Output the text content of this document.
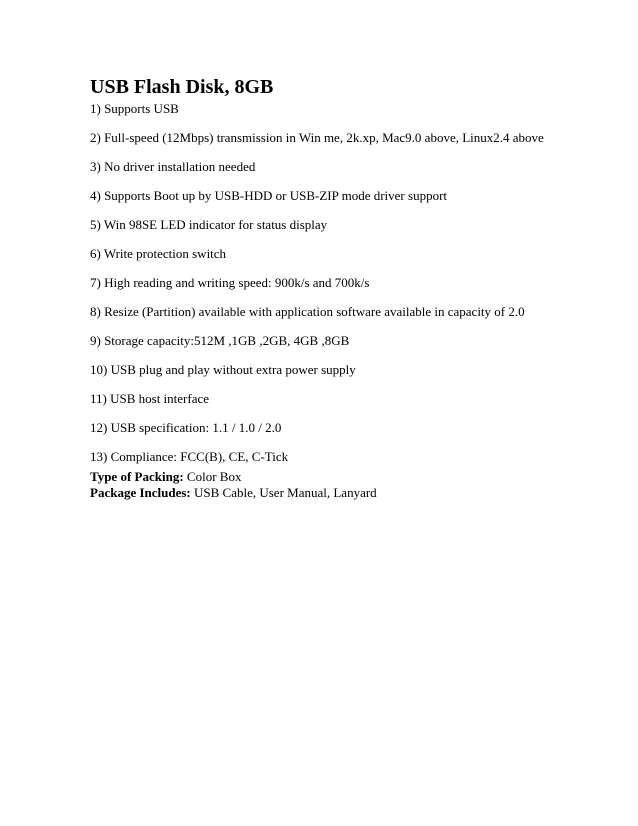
USB Flash Disk, 8GB
1) Supports USB
2) Full-speed (12Mbps) transmission in Win me, 2k.xp, Mac9.0 above, Linux2.4 above
3) No driver installation needed
4) Supports Boot up by USB-HDD or USB-ZIP mode driver support
5) Win 98SE LED indicator for status display
6) Write protection switch
7) High reading and writing speed: 900k/s and 700k/s
8) Resize (Partition) available with application software available in capacity of 2.0
9) Storage capacity:512M ,1GB ,2GB, 4GB ,8GB
10) USB plug and play without extra power supply
11) USB host interface
12) USB specification: 1.1 / 1.0 / 2.0
13) Compliance: FCC(B), CE, C-Tick
Type of Packing: Color Box
Package Includes: USB Cable, User Manual, Lanyard
